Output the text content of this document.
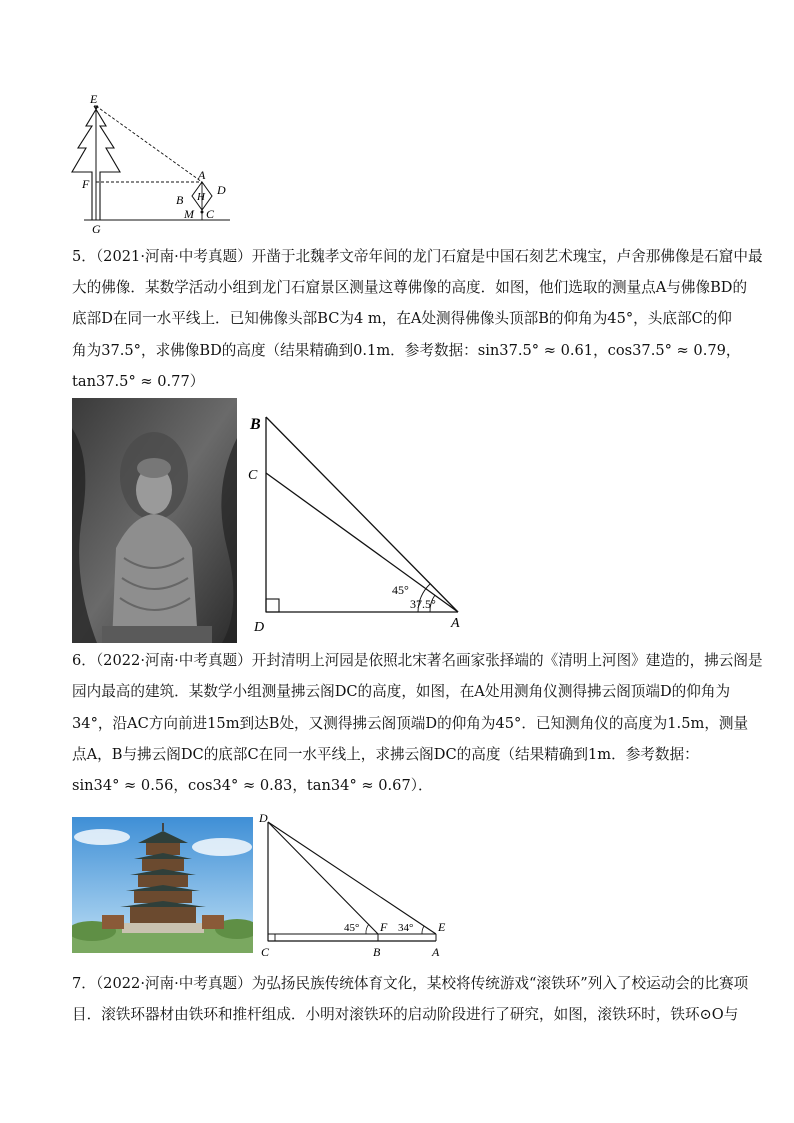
E
F
G
A
B H D
M C
5．（2021·河南·中考真题）开凿于北魏孝文帝年间的龙门石窟是中国石刻艺术瑰宝，卢舍那佛像是石窟中最
大的佛像．某数学活动小组到龙门石窟景区测量这尊佛像的高度．如图，他们选取的测量点A与佛像BD的
底部D在同一水平线上．已知佛像头部BC为4 m，在A处测得佛像头顶部B的仰角为45°，头底部C的仰
角为37.5°，求佛像BD的高度（结果精确到0.1m．参考数据：sin37.5° ≈ 0.61，cos37.5° ≈ 0.79，
tan37.5° ≈ 0.77）
B
C
D	A
45°
37.5°
6．（2022·河南·中考真题）开封清明上河园是依照北宋著名画家张择端的《清明上河图》建造的，拂云阁是
园内最高的建筑．某数学小组测量拂云阁DC的高度，如图，在A处用测角仪测得拂云阁顶端D的仰角为
34°，沿AC方向前进15m到达B处，又测得拂云阁顶端D的仰角为45°．已知测角仪的高度为1.5m，测量
点A，B与拂云阁DC的底部C在同一水平线上，求拂云阁DC的高度（结果精确到1m．参考数据：
sin34° ≈ 0.56，cos34° ≈ 0.83，tan34° ≈ 0.67）．
D
C	B	A
F	E
45°	34°
7．（2022·河南·中考真题）为弘扬民族传统体育文化，某校将传统游戏“滚铁环”列入了校运动会的比赛项
目．滚铁环器材由铁环和推杆组成．小明对滚铁环的启动阶段进行了研究，如图，滚铁环时，铁环⊙O与
